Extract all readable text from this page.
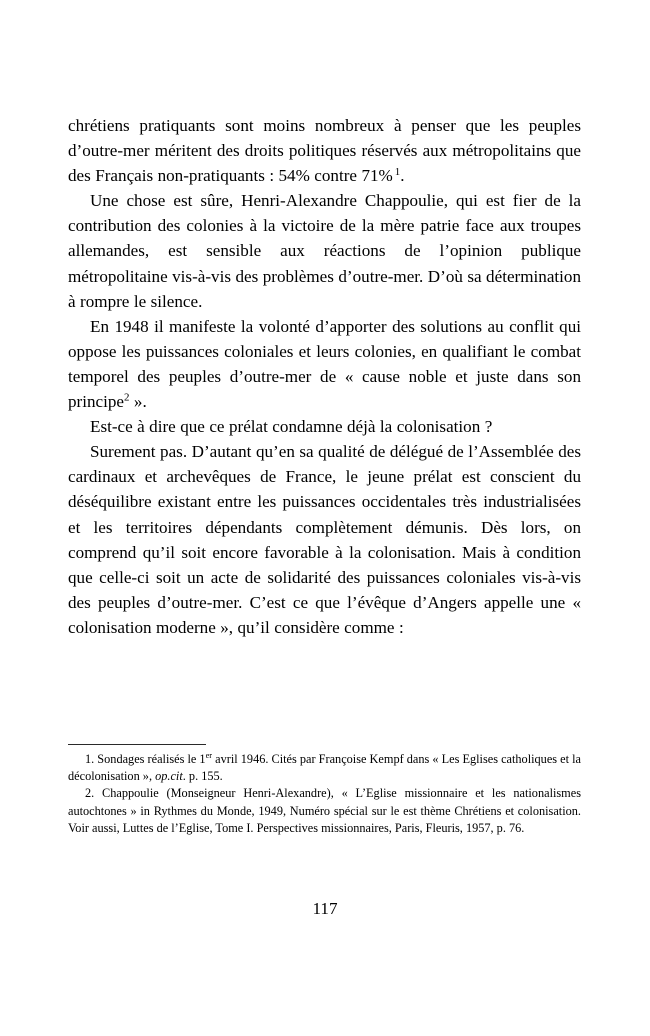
chrétiens pratiquants sont moins nombreux à penser que les peuples d’outre-mer méritent des droits politiques réservés aux métropolitains que des Français non-pratiquants : 54% contre 71% $^1$.

Une chose est sûre, Henri-Alexandre Chappoulie, qui est fier de la contribution des colonies à la victoire de la mère patrie face aux troupes allemandes, est sensible aux réactions de l’opinion publique métropolitaine vis-à-vis des problèmes d’outre-mer. D’où sa détermination à rompre le silence.

En 1948 il manifeste la volonté d’apporter des solutions au conflit qui oppose les puissances coloniales et leurs colonies, en qualifiant le combat temporel des peuples d’outre-mer de « cause noble et juste dans son principe$^2$ ».

Est-ce à dire que ce prélat condamne déjà la colonisation ?

Surement pas. D’autant qu’en sa qualité de délégué de l’Assemblée des cardinaux et archevêques de France, le jeune prélat est conscient du déséquilibre existant entre les puissances occidentales très industrialisées et les territoires dépendants complètement démunis. Dès lors, on comprend qu’il soit encore favorable à la colonisation. Mais à condition que celle-ci soit un acte de solidarité des puissances coloniales vis-à-vis des peuples d’outre-mer. C’est ce que l’évêque d’Angers appelle une « colonisation moderne », qu’il considère comme :

1. Sondages réalisés le 1er avril 1946. Cités par Françoise Kempf dans « Les Eglises catholiques et la décolonisation », op.cit. p. 155.

2. Chappoulie (Monseigneur Henri-Alexandre), « L’Eglise missionnaire et les nationalismes autochtones » in Rythmes du Monde, 1949, Numéro spécial sur le est thème Chrétiens et colonisation. Voir aussi, Luttes de l’Eglise, Tome I. Perspectives missionnaires, Paris, Fleuris, 1957, p. 76.

117
